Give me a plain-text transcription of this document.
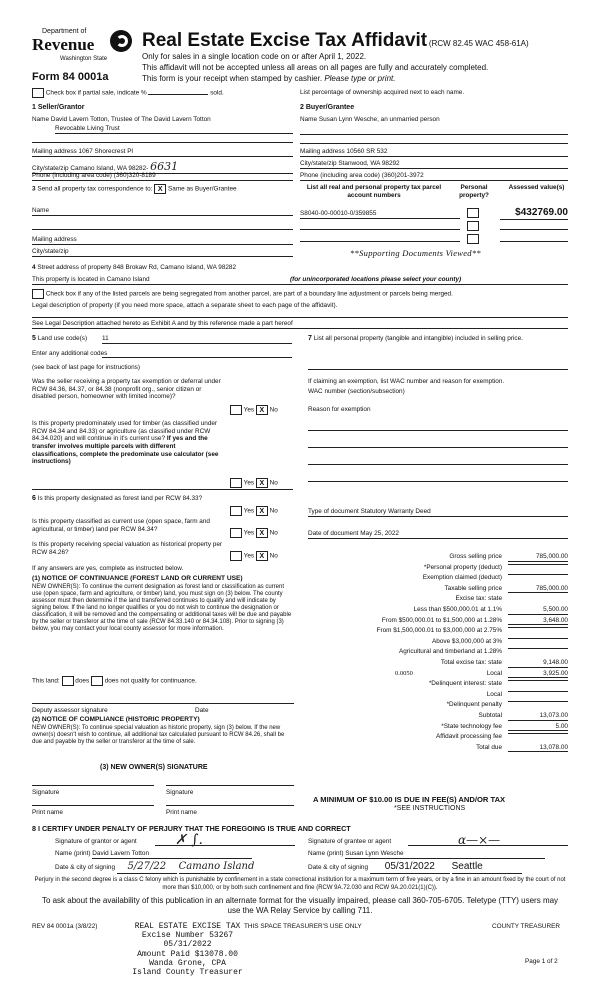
Department of
Revenue
Washington State
Form 84 0001a
Real Estate Excise Tax Affidavit (RCW 82.45 WAC 458-61A)
Only for sales in a single location code on or after April 1, 2022.
This affidavit will not be accepted unless all areas on all pages are fully and accurately completed.
This form is your receipt when stamped by cashier. Please type or print.
Check box if partial sale, indicate %	sold.	List percentage of ownership acquired next to each name.
1 Seller/Grantor
Name David Lavern Totton, Trustee of The David Lavern Totton
Revocable Living Trust
Mailing address 1067 Shorecrest Pl
City/state/zip Camano Island, WA 98282- 6631
Phone (including area code) (360)320-8189
2 Buyer/Grantee
Name Susan Lynn Wesche, an unmarried person
Mailing address 10560 SR 532
City/state/zip Stanwood, WA 98292
Phone (including area code) (360)201-3972
3 Send all property tax correspondence to: X Same as Buyer/Grantee
Name
Mailing address
City/state/zip
List all real and personal property tax parcel account numbers
Personal property?
Assessed value(s)
S8040-00-00010-0/359855	$432769.00
**Supporting Documents Viewed**
4 Street address of property 848 Brokaw Rd, Camano Island, WA 98282
This property is located in Camano Island	(for unincorporated locations please select your county)
Check box if any of the listed parcels are being segregated from another parcel, are part of a boundary line adjustment or parcels being merged.
Legal description of property (if you need more space, attach a separate sheet to each page of the affidavit).
See Legal Description attached hereto as Exhibit A and by this reference made a part hereof
5 Land use code(s) 11
Enter any additional codes
(see back of last page for instructions)
Was the seller receiving a property tax exemption or deferral under RCW 84.36, 84.37, or 84.38 (nonprofit org., senior citizen or disabled person, homeowner with limited income)?
Yes X No
Is this property predominately used for timber (as classified under RCW 84.34 and 84.33) or agriculture (as classified under RCW 84.34.020) and will continue in it's current use? If yes and the transfer involves multiple parcels with different classifications, complete the predominate use calculator (see instructions)
Yes X No
7 List all personal property (tangible and intangible) included in selling price.
If claiming an exemption, list WAC number and reason for exemption.
WAC number (section/subsection)
Reason for exemption
Type of document Statutory Warranty Deed
Date of document May 25, 2022
6 Is this property designated as forest land per RCW 84.33?
Yes X No
Is this property classified as current use (open space, farm and agricultural, or timber) land per RCW 84.34?
Yes X No
Is this property receiving special valuation as historical property per RCW 84.26?
Yes X No
If any answers are yes, complete as instructed below.
(1) NOTICE OF CONTINUANCE (FOREST LAND OR CURRENT USE)
NEW OWNER(S): To continue the current designation as forest land or classification as current use (open space, farm and agriculture, or timber) land, you must sign on (3) below. The county assessor must then determine if the land transferred continues to qualify and will indicate by signing below. If the land no longer qualifies or you do not wish to continue the designation or classification, it will be removed and the compensating or additional taxes will be due and payable by the seller or transferor at the time of sale (RCW 84.33.140 or 84.34.108). Prior to signing (3) below, you may contact your local county assessor for more information.
This land: does does not qualify for continuance.
Deputy assessor signature	Date
(2) NOTICE OF COMPLIANCE (HISTORIC PROPERTY)
NEW OWNER(S): To continue special valuation as historic property, sign (3) below. If the new owner(s) doesn't wish to continue, all additional tax calculated pursuant to RCW 84.26, shall be due and payable by the seller or transferor at the time of sale.
(3) NEW OWNER(S) SIGNATURE
Signature	Signature
Print name	Print name
Gross selling price	785,000.00
*Personal property (deduct)
Exemption claimed (deduct)
Taxable selling price	785,000.00
Excise tax: state
Less than $500,000.01 at 1.1%	5,500.00
From $500,000.01 to $1,500,000 at 1.28%	3,648.00
From $1,500,000.01 to $3,000,000 at 2.75%
Above $3,000,000 at 3%
Agricultural and timberland at 1.28%
Total excise tax: state	9,148.00
0.0050	Local	3,925.00
*Delinquent interest: state
Local
*Delinquent penalty
Subtotal	13,073.00
*State technology fee	5.00
Affidavit processing fee
Total due	13,078.00
A MINIMUM OF $10.00 IS DUE IN FEE(S) AND/OR TAX
*SEE INSTRUCTIONS
8 I CERTIFY UNDER PENALTY OF PERJURY THAT THE FOREGOING IS TRUE AND CORRECT
Signature of grantor or agent	✗ ∫.	Signature of grantee or agent	ɑ—⨯—
Name (print) David Lavern Totton	Name (print) Susan Lynn Wesche
Date & city of signing 5/27/22 Camano Island	Date & city of signing 05/31/2022 Seattle
Perjury in the second degree is a class C felony which is punishable by confinement in a state correctional institution for a maximum term of five years, or by a fine in an amount fixed by the court of not more than $10,000, or by both such confinement and fine (RCW 9A.72.030 and RCW 9A.20.021(1)(C)).
To ask about the availability of this publication in an alternate format for the visually impaired, please call 360-705-6705. Teletype (TTY) users may use the WA Relay Service by calling 711.
REV 84 0001a (3/8/22)	REAL ESTATE EXCISE TAX
Excise Number 53267
05/31/2022
Amount Paid $13078.00
Wanda Grone, CPA
Island County Treasurer
THIS SPACE TREASURER'S USE ONLY	COUNTY TREASURER
Page 1 of 2
